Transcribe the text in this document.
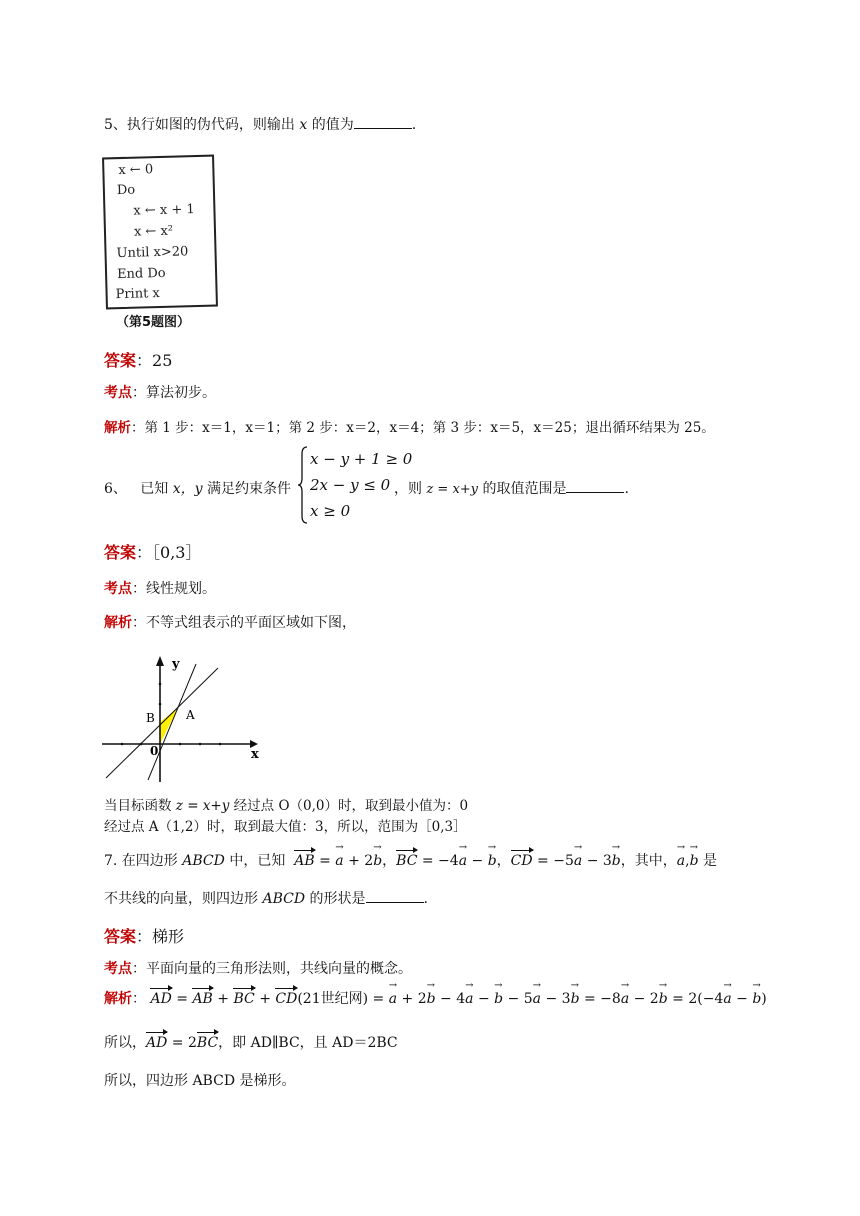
5、执行如图的伪代码，则输出 x 的值为	.
x ← 0
Do
x ← x + 1
x ← x²
Until x>20
End Do
Print x
（第5题图）
答案：25
考点：算法初步。
解析：第 1 步：x＝1，x＝1；第 2 步：x＝2，x＝4；第 3 步：x＝5，x＝25；退出循环结果为 25。
6、 已知 x，y 满足约束条件
x − y + 1 ≥ 0
2x − y ≤ 0
x ≥ 0
，则 z = x+y 的取值范围是	.
答案：［0,3］
考点：线性规划。
解析：不等式组表示的平面区域如下图，
y
x
0
A
B
当目标函数 z = x+y 经过点 O（0,0）时，取到最小值为：0
经过点 A（1,2）时，取到最大值：3，所以，范围为［0,3］
7. 在四边形 ABCD 中，已知 AB = → a + 2→ b，BC = −4→ a − → b，CD = −5→ a − 3→ b，其中，→ a,→ b 是
不共线的向量，则四边形 ABCD 的形状是	.
答案：梯形
考点：平面向量的三角形法则，共线向量的概念。
解析： AD = AB + BC + CD(21世纪网) = → a + 2→ b − 4→ a − → b − 5→ a − 3→ b = −8→ a − 2→ b = 2(−4→ a − → b)
所以，AD = 2BC，即 AD∥BC，且 AD＝2BC
所以，四边形 ABCD 是梯形。
